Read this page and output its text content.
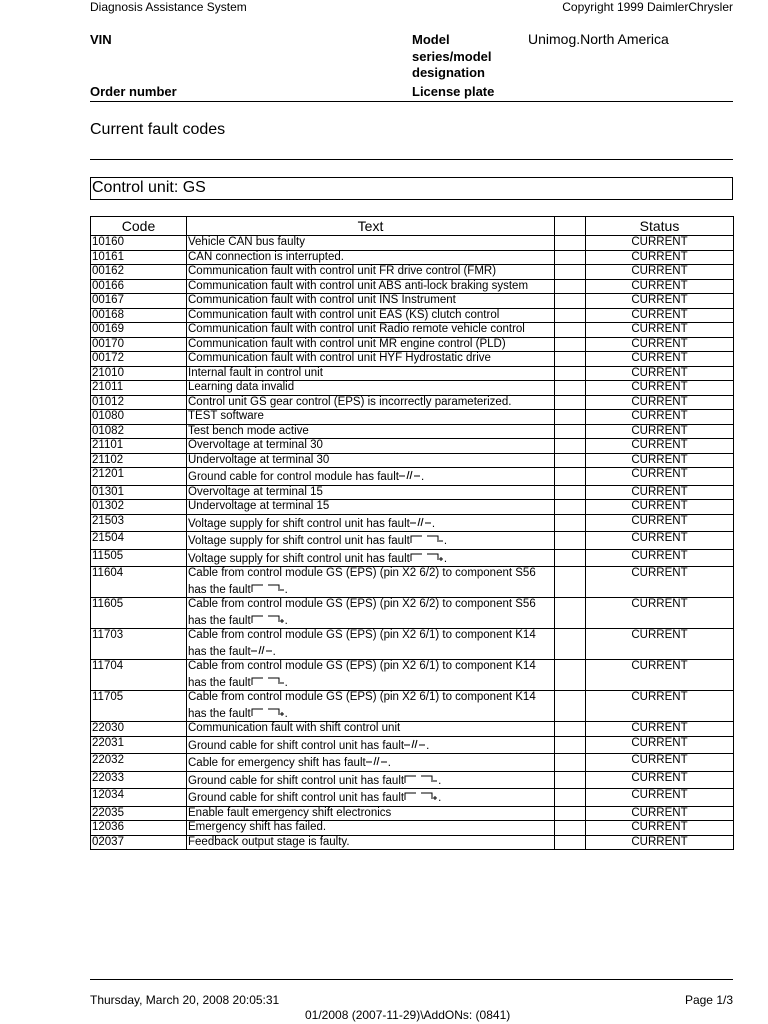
Diagnosis Assistance System	Copyright 1999 DaimlerChrysler
VIN	Model series/model designation
Unimog.North America
Order number	License plate
Current fault codes
Control unit: GS
Code	Text		Status
10160	Vehicle CAN bus faulty		CURRENT
10161	CAN connection is interrupted.		CURRENT
00162	Communication fault with control unit FR drive control (FMR)		CURRENT
00166	Communication fault with control unit ABS anti-lock braking system		CURRENT
00167	Communication fault with control unit INS Instrument		CURRENT
00168	Communication fault with control unit EAS (KS) clutch control		CURRENT
00169	Communication fault with control unit Radio remote vehicle control		CURRENT
00170	Communication fault with control unit MR engine control (PLD)		CURRENT
00172	Communication fault with control unit HYF Hydrostatic drive		CURRENT
21010	Internal fault in control unit		CURRENT
21011	Learning data invalid		CURRENT
01012	Control unit GS gear control (EPS) is incorrectly parameterized.		CURRENT
01080	TEST software		CURRENT
01082	Test bench mode active		CURRENT
21101	Overvoltage at terminal 30		CURRENT
21102	Undervoltage at terminal 30		CURRENT
21201	Ground cable for control module has fault .		CURRENT
01301	Overvoltage at terminal 15		CURRENT
01302	Undervoltage at terminal 15		CURRENT
21503	Voltage supply for shift control unit has fault .		CURRENT
21504	Voltage supply for shift control unit has fault .		CURRENT
11505	Voltage supply for shift control unit has fault .		CURRENT
11604	Cable from control module GS (EPS) (pin X2 6/2) to component S56 has the fault .		CURRENT
11605	Cable from control module GS (EPS) (pin X2 6/2) to component S56 has the fault .		CURRENT
11703	Cable from control module GS (EPS) (pin X2 6/1) to component K14 has the fault .		CURRENT
11704	Cable from control module GS (EPS) (pin X2 6/1) to component K14 has the fault .		CURRENT
11705	Cable from control module GS (EPS) (pin X2 6/1) to component K14 has the fault .		CURRENT
22030	Communication fault with shift control unit		CURRENT
22031	Ground cable for shift control unit has fault .		CURRENT
22032	Cable for emergency shift has fault .		CURRENT
22033	Ground cable for shift control unit has fault .		CURRENT
12034	Ground cable for shift control unit has fault .		CURRENT
22035	Enable fault emergency shift electronics		CURRENT
12036	Emergency shift has failed.		CURRENT
02037	Feedback output stage is faulty.		CURRENT
Thursday, March 20, 2008 20:05:31	Page 1/3
01/2008 (2007-11-29)\AddONs: (0841)
